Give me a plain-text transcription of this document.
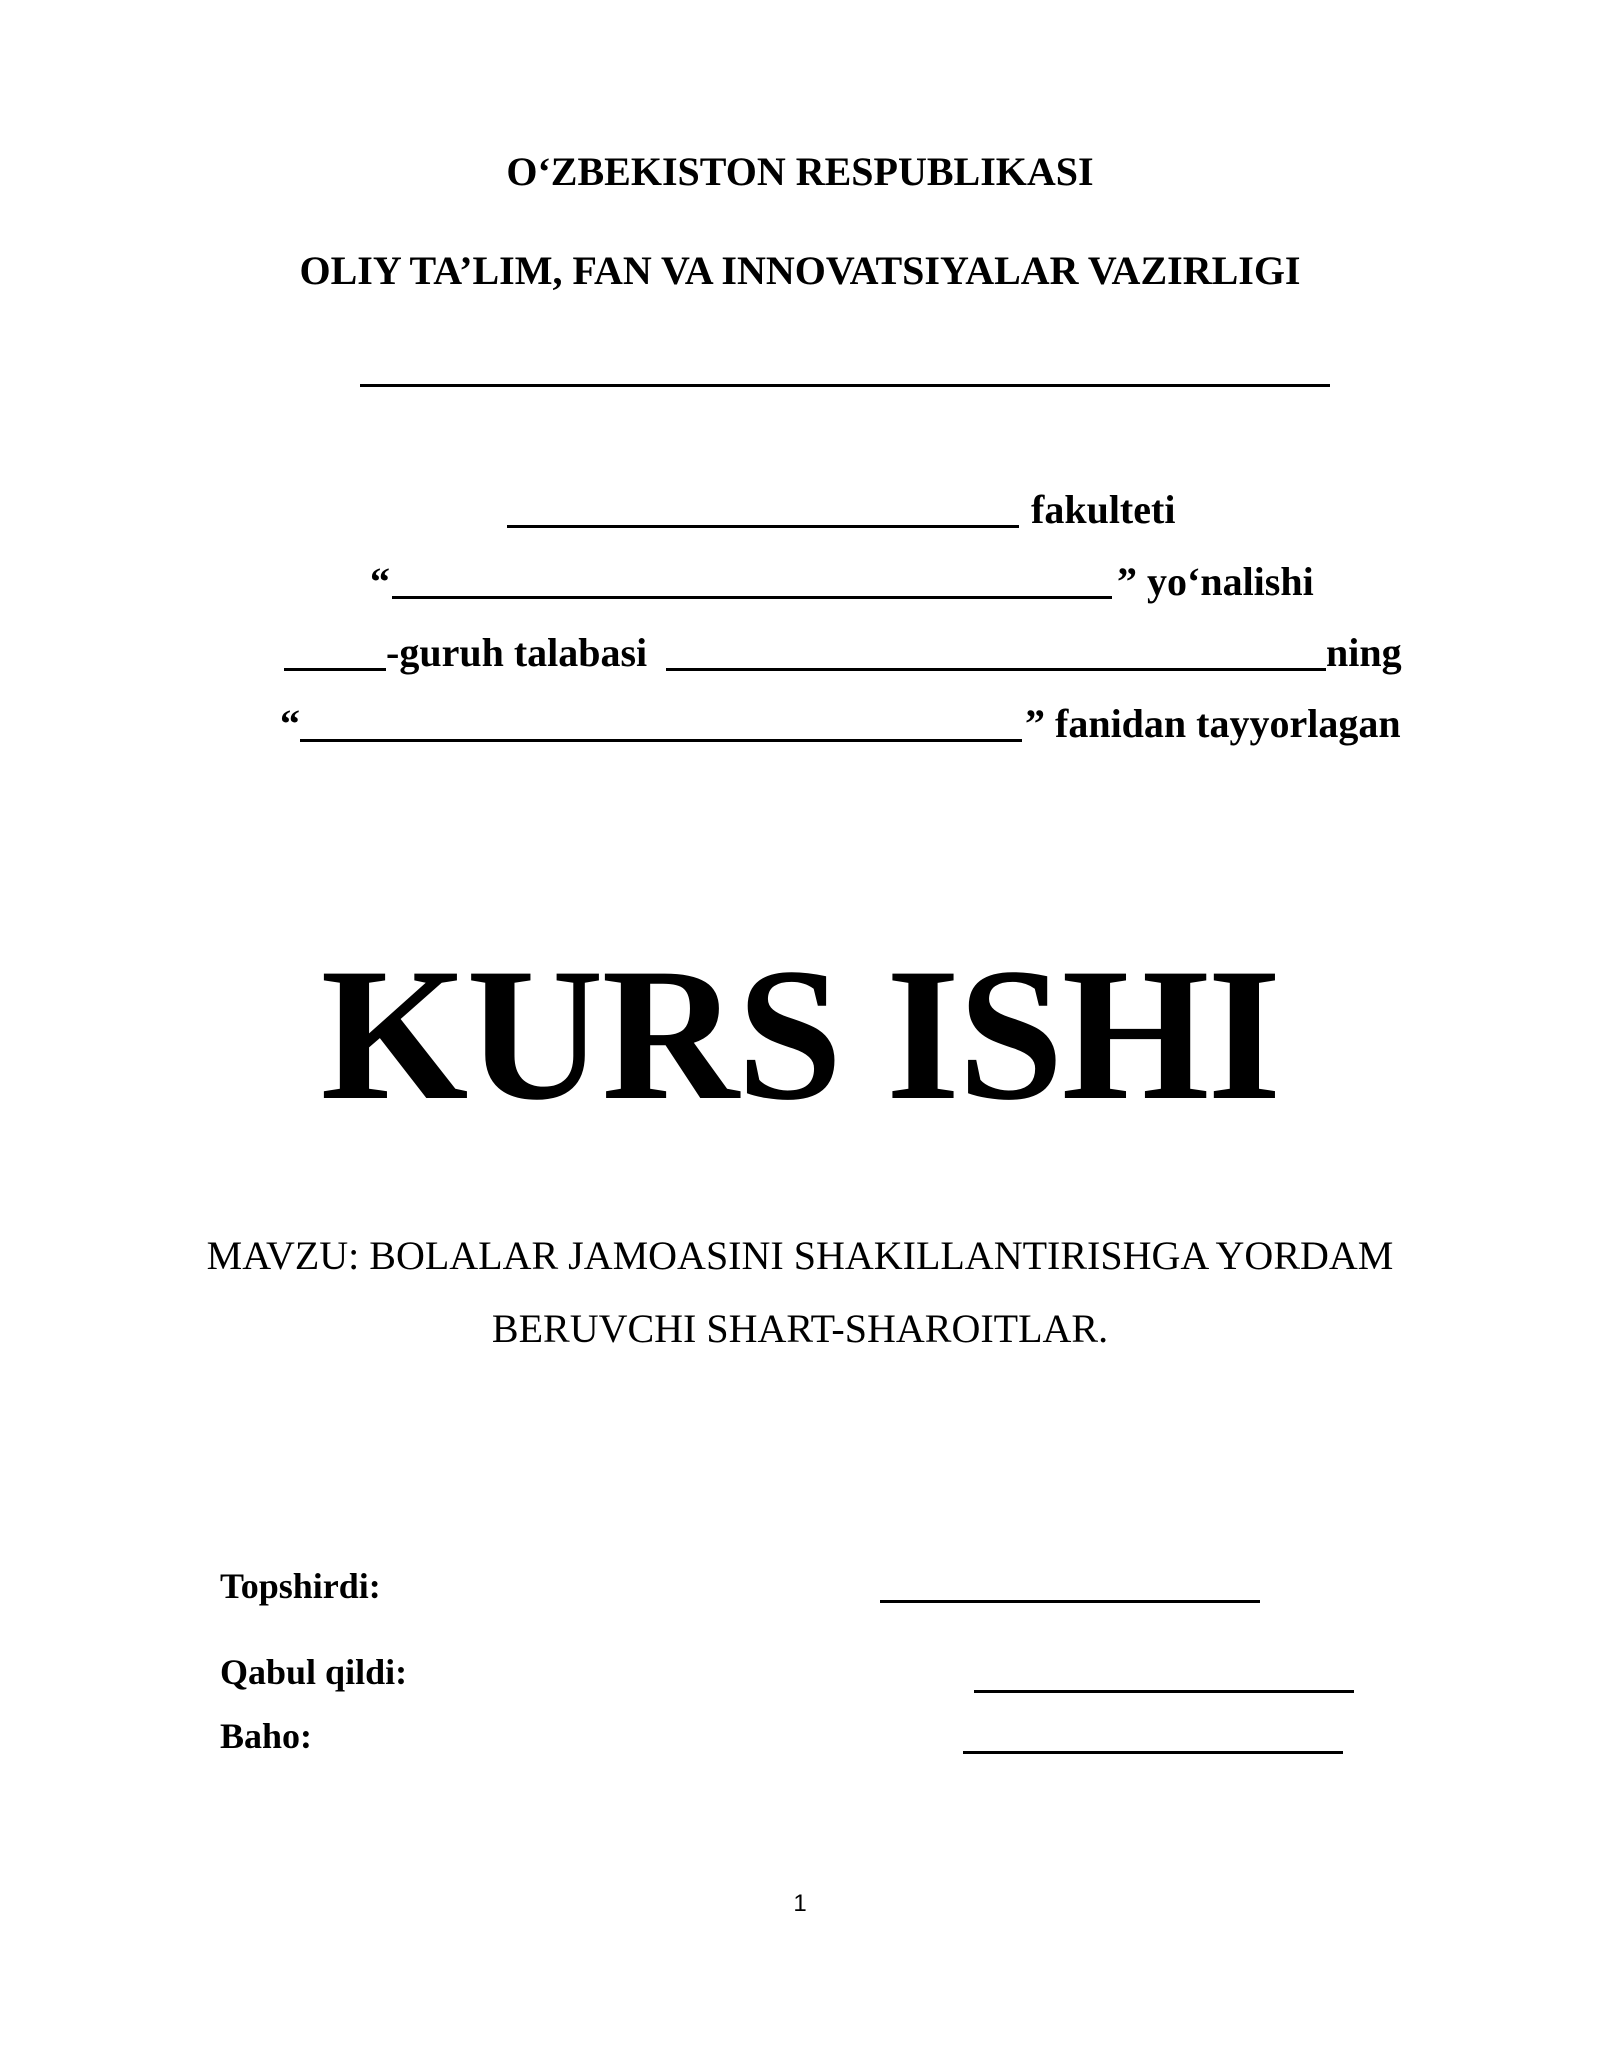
O‘ZBEKISTON RESPUBLIKASI
OLIY TA’LIM, FAN VA INNOVATSIYALAR VAZIRLIGI
fakulteti
“	” yo‘nalishi
-guruh talabasi	ning
“	” fanidan tayyorlagan
KURS ISHI
MAVZU: BOLALAR JAMOASINI SHAKILLANTIRISHGA YORDAM
BERUVCHI SHART-SHAROITLAR.
Topshirdi:
Qabul qildi:
Baho:
1
